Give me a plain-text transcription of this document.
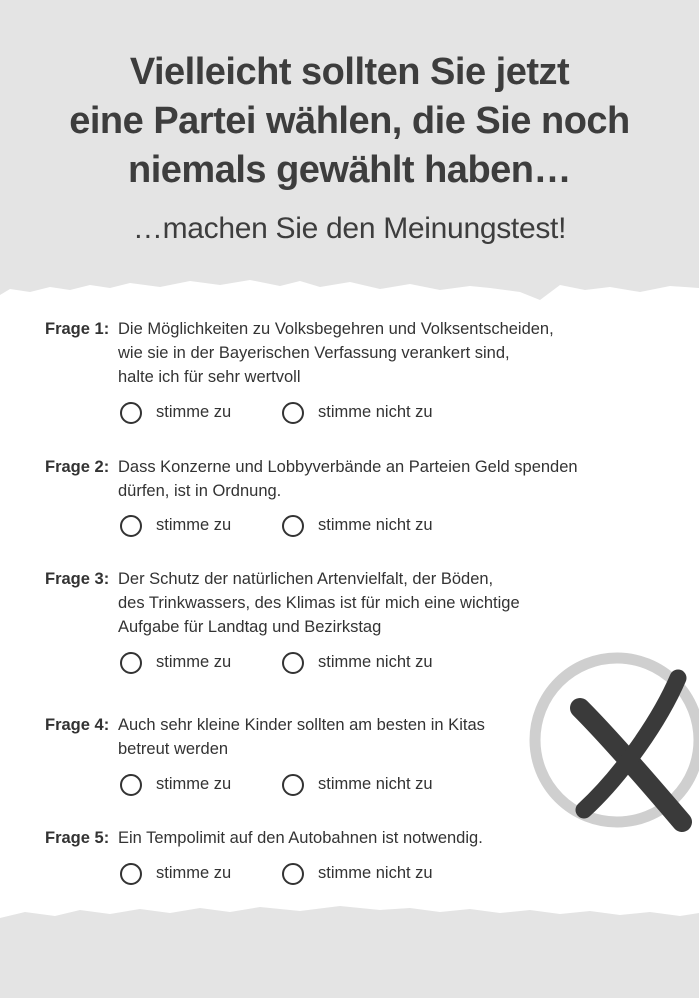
Vielleicht sollten Sie jetzt
eine Partei wählen, die Sie noch
niemals gewählt haben…
…machen Sie den Meinungstest!
Frage 1: Die Möglichkeiten zu Volksbegehren und Volksentscheiden,
wie sie in der Bayerischen Verfassung verankert sind,
halte ich für sehr wertvoll
stimme zu	stimme nicht zu
Frage 2: Dass Konzerne und Lobbyverbände an Parteien Geld spenden
dürfen, ist in Ordnung.
stimme zu	stimme nicht zu
Frage 3: Der Schutz der natürlichen Artenvielfalt, der Böden,
des Trinkwassers, des Klimas ist für mich eine wichtige
Aufgabe für Landtag und Bezirkstag
stimme zu	stimme nicht zu
Frage 4: Auch sehr kleine Kinder sollten am besten in Kitas
betreut werden
stimme zu	stimme nicht zu
Frage 5: Ein Tempolimit auf den Autobahnen ist notwendig.
stimme zu	stimme nicht zu
